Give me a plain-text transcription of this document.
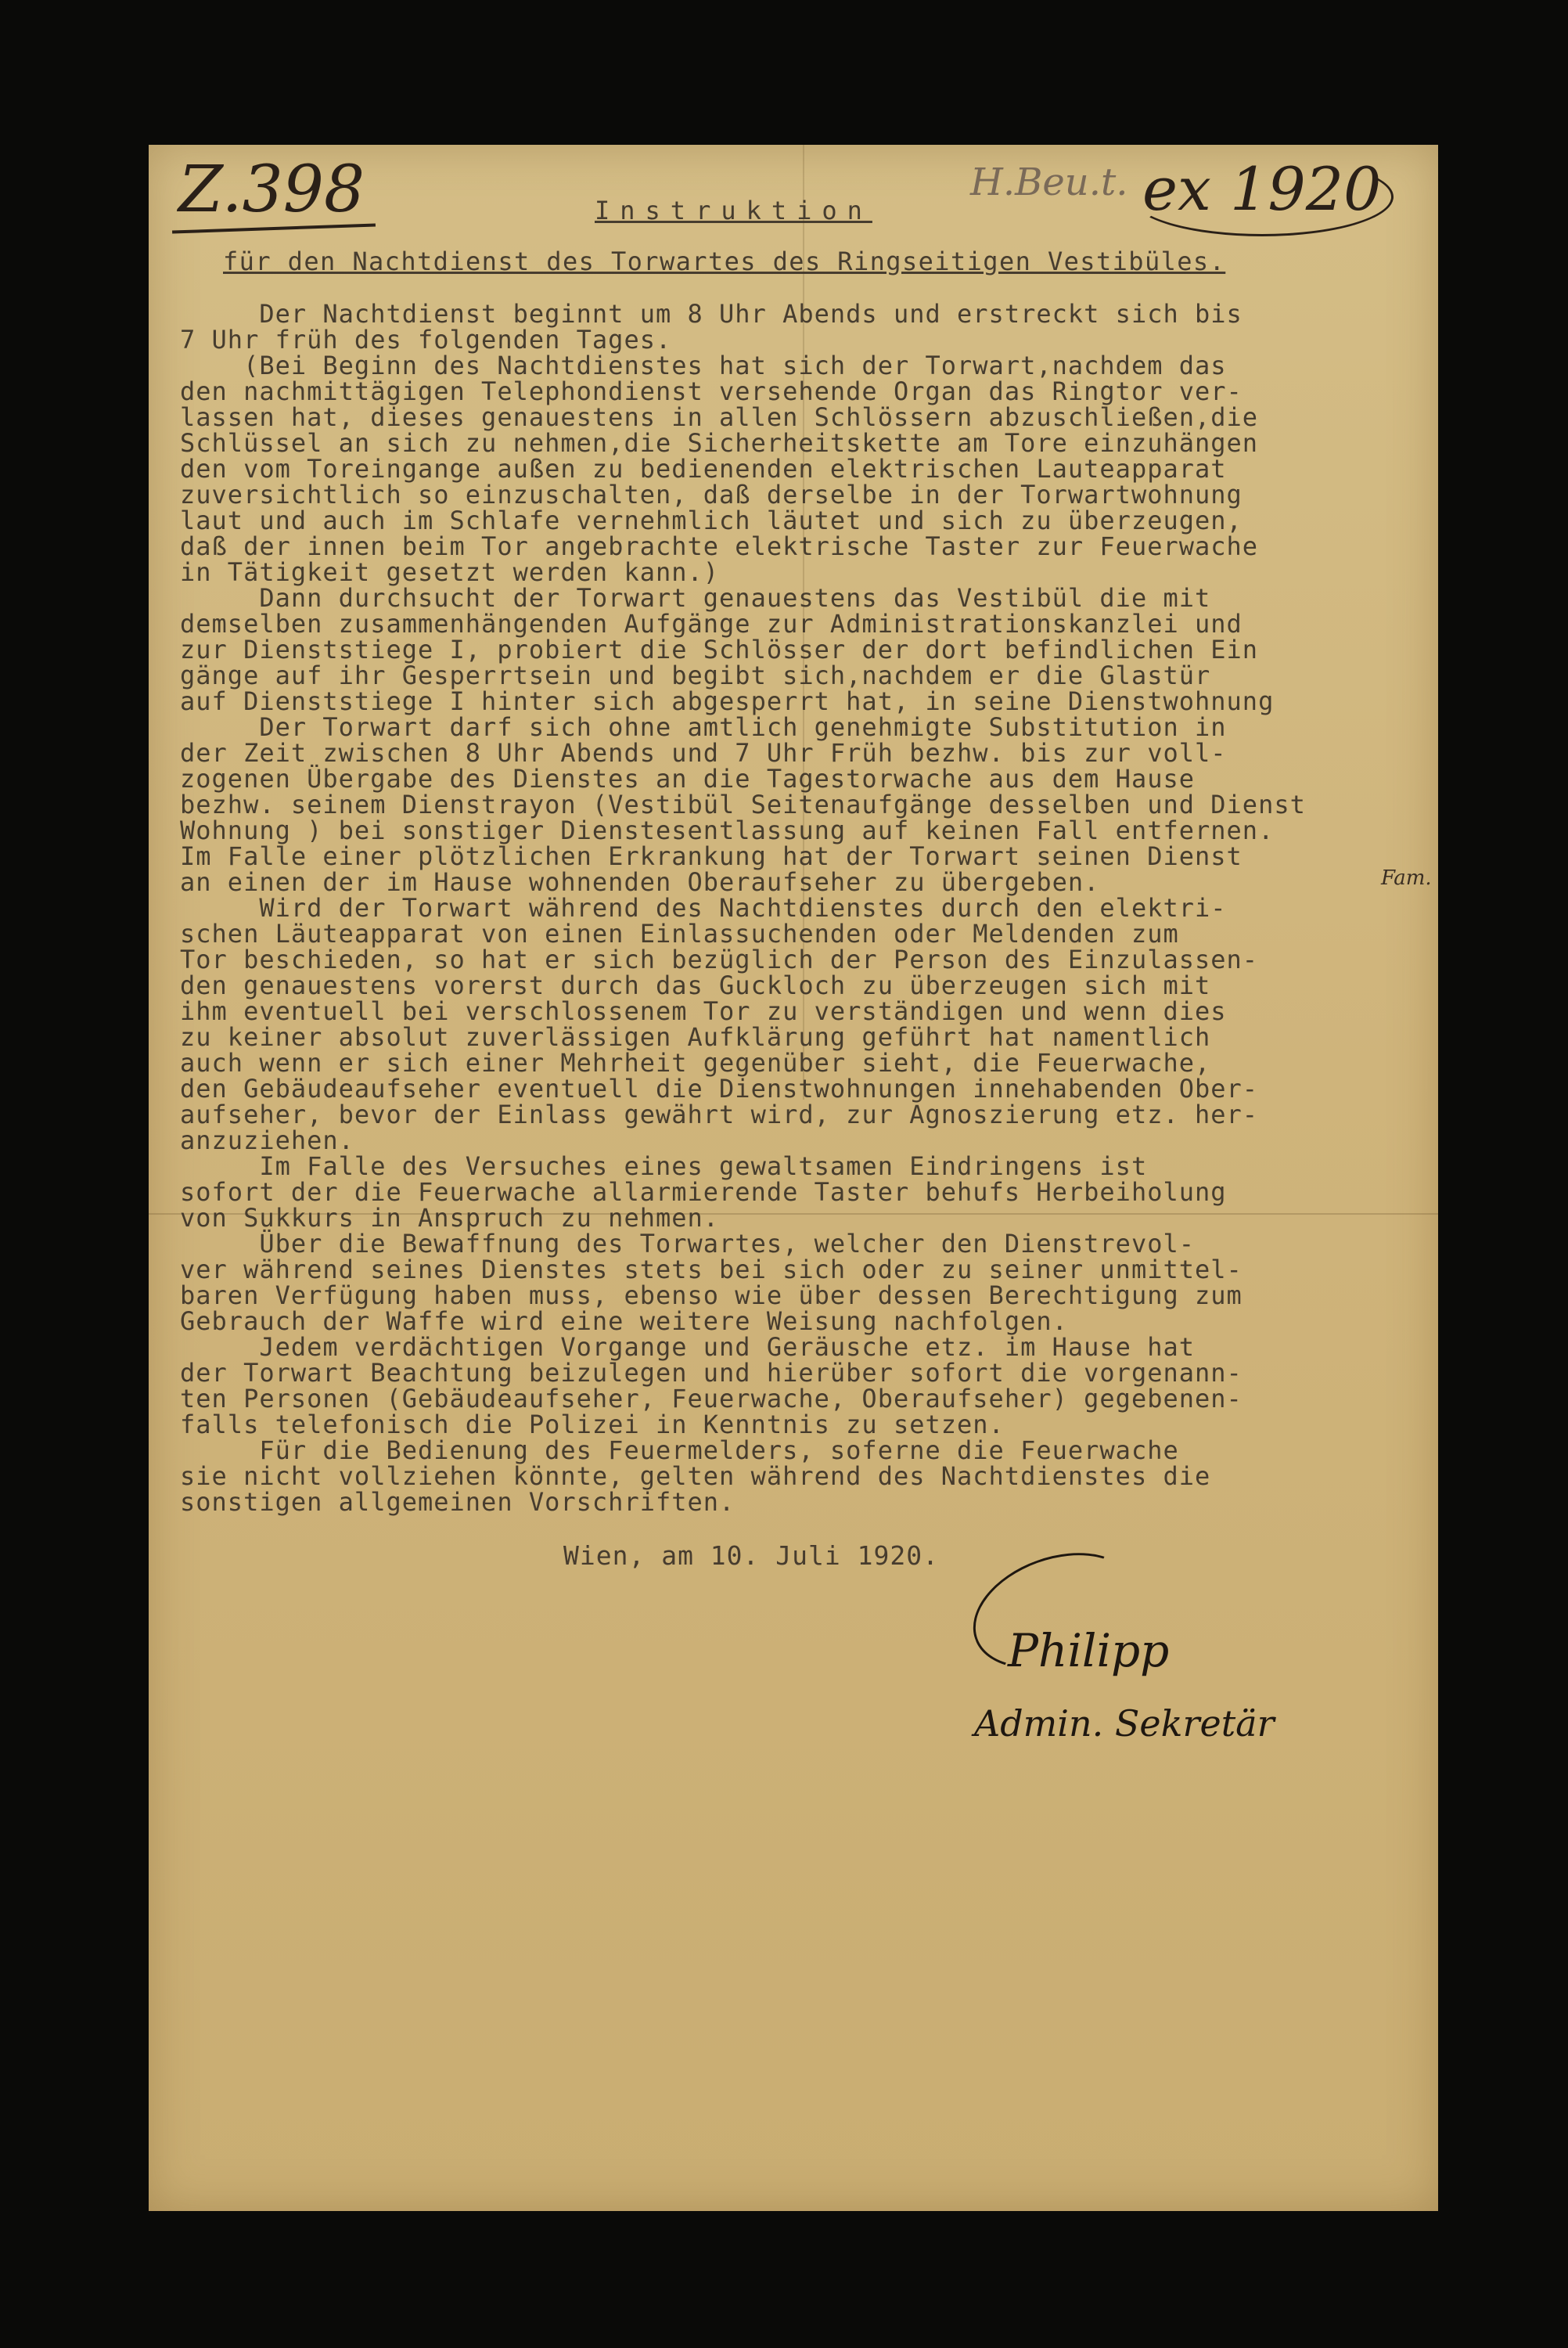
Z.398	H.Beu.t. ex 1920
Instruktion
für den Nachtdienst des Torwartes des Ringseitigen Vestibüles.
Der Nachtdienst beginnt um 8 Uhr Abends und erstreckt sich bis
7 Uhr früh des folgenden Tages.
(Bei Beginn des Nachtdienstes hat sich der Torwart,nachdem das
den nachmittägigen Telephondienst versehende Organ das Ringtor ver-
lassen hat, dieses genauestens in allen Schlössern abzuschließen,die
Schlüssel an sich zu nehmen,die Sicherheitskette am Tore einzuhängen
den vom Toreingange außen zu bedienenden elektrischen Lauteapparat
zuversichtlich so einzuschalten, daß derselbe in der Torwartwohnung
laut und auch im Schlafe vernehmlich läutet und sich zu überzeugen,
daß der innen beim Tor angebrachte elektrische Taster zur Feuerwache
in Tätigkeit gesetzt werden kann.)
Dann durchsucht der Torwart genauestens das Vestibül die mit
demselben zusammenhängenden Aufgänge zur Administrationskanzlei und
zur Dienststiege I, probiert die Schlösser der dort befindlichen Ein
gänge auf ihr Gesperrtsein und begibt sich,nachdem er die Glastür
auf Dienststiege I hinter sich abgesperrt hat, in seine Dienstwohnung
Der Torwart darf sich ohne amtlich genehmigte Substitution in
der Zeit zwischen 8 Uhr Abends und 7 Uhr Früh bezhw. bis zur voll-
zogenen Übergabe des Dienstes an die Tagestorwache aus dem Hause
bezhw. seinem Dienstrayon (Vestibül Seitenaufgänge desselben und Dienst
Wohnung ) bei sonstiger Dienstesentlassung auf keinen Fall entfernen.
Im Falle einer plötzlichen Erkrankung hat der Torwart seinen Dienst
an einen der im Hause wohnenden Oberaufseher zu übergeben.
Wird der Torwart während des Nachtdienstes durch den elektri-
schen Läuteapparat von einen Einlassuchenden oder Meldenden zum
Tor beschieden, so hat er sich bezüglich der Person des Einzulassen-
den genauestens vorerst durch das Guckloch zu überzeugen sich mit
ihm eventuell bei verschlossenem Tor zu verständigen und wenn dies
zu keiner absolut zuverlässigen Aufklärung geführt hat namentlich
auch wenn er sich einer Mehrheit gegenüber sieht, die Feuerwache,
den Gebäudeaufseher eventuell die Dienstwohnungen innehabenden Ober-
aufseher, bevor der Einlass gewährt wird, zur Agnoszierung etz. her-
anzuziehen.
Im Falle des Versuches eines gewaltsamen Eindringens ist
sofort der die Feuerwache allarmierende Taster behufs Herbeiholung
von Sukkurs in Anspruch zu nehmen.
Über die Bewaffnung des Torwartes, welcher den Dienstrevol-
ver während seines Dienstes stets bei sich oder zu seiner unmittel-
baren Verfügung haben muss, ebenso wie über dessen Berechtigung zum
Gebrauch der Waffe wird eine weitere Weisung nachfolgen.
Jedem verdächtigen Vorgange und Geräusche etz. im Hause hat
der Torwart Beachtung beizulegen und hierüber sofort die vorgenann-
ten Personen (Gebäudeaufseher, Feuerwache, Oberaufseher) gegebenen-
falls telefonisch die Polizei in Kenntnis zu setzen.
Für die Bedienung des Feuermelders, soferne die Feuerwache
sie nicht vollziehen könnte, gelten während des Nachtdienstes die
sonstigen allgemeinen Vorschriften.
Fam.
Wien, am 10. Juli 1920.
Philipp
Admin. Sekretär
